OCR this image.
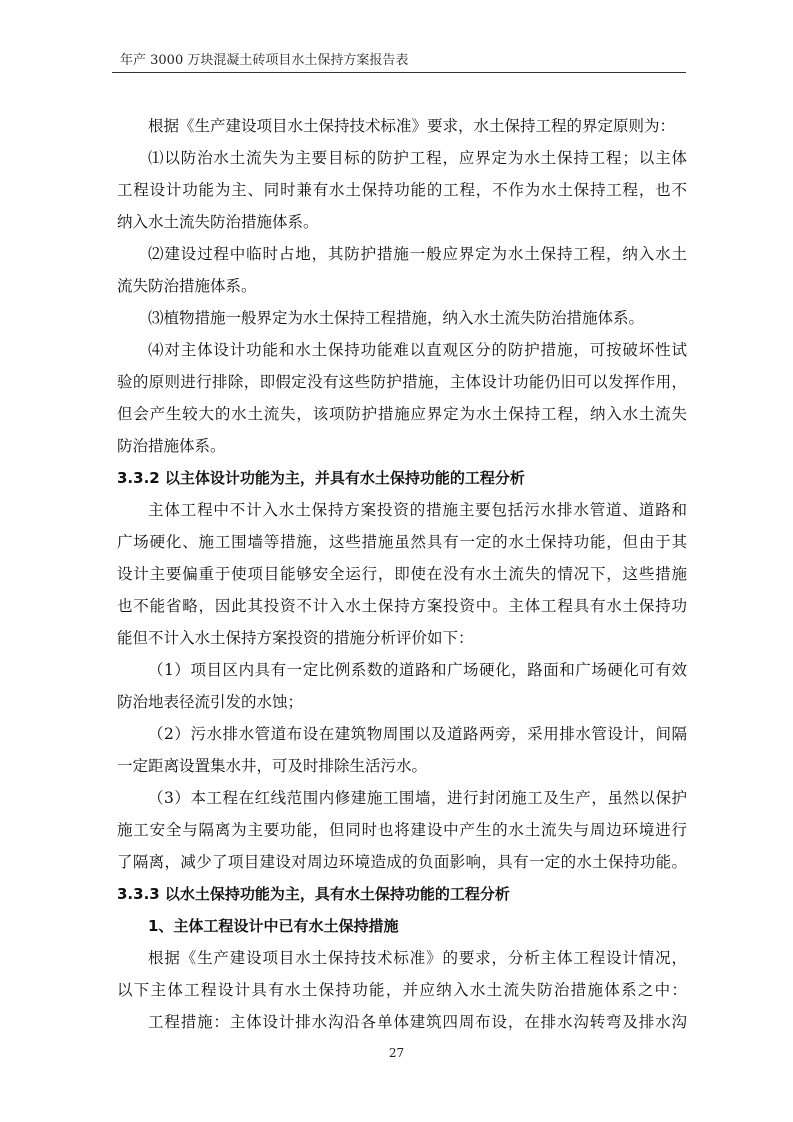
年产 3000 万块混凝土砖项目水土保持方案报告表
根据《生产建设项目水土保持技术标准》要求，水土保持工程的界定原则为：
⑴以防治水土流失为主要目标的防护工程，应界定为水土保持工程；以主体
工程设计功能为主、同时兼有水土保持功能的工程，不作为水土保持工程，也不
纳入水土流失防治措施体系。
⑵建设过程中临时占地，其防护措施一般应界定为水土保持工程，纳入水土
流失防治措施体系。
⑶植物措施一般界定为水土保持工程措施，纳入水土流失防治措施体系。
⑷对主体设计功能和水土保持功能难以直观区分的防护措施，可按破坏性试
验的原则进行排除，即假定没有这些防护措施，主体设计功能仍旧可以发挥作用，
但会产生较大的水土流失，该项防护措施应界定为水土保持工程，纳入水土流失
防治措施体系。
3.3.2 以主体设计功能为主，并具有水土保持功能的工程分析
主体工程中不计入水土保持方案投资的措施主要包括污水排水管道、道路和
广场硬化、施工围墙等措施，这些措施虽然具有一定的水土保持功能，但由于其
设计主要偏重于使项目能够安全运行，即使在没有水土流失的情况下，这些措施
也不能省略，因此其投资不计入水土保持方案投资中。主体工程具有水土保持功
能但不计入水土保持方案投资的措施分析评价如下：
（1）项目区内具有一定比例系数的道路和广场硬化，路面和广场硬化可有效
防治地表径流引发的水蚀；
（2）污水排水管道布设在建筑物周围以及道路两旁，采用排水管设计，间隔
一定距离设置集水井，可及时排除生活污水。
（3）本工程在红线范围内修建施工围墙，进行封闭施工及生产，虽然以保护
施工安全与隔离为主要功能，但同时也将建设中产生的水土流失与周边环境进行
了隔离，减少了项目建设对周边环境造成的负面影响，具有一定的水土保持功能。
3.3.3 以水土保持功能为主，具有水土保持功能的工程分析
1、主体工程设计中已有水土保持措施
根据《生产建设项目水土保持技术标准》的要求，分析主体工程设计情况，
以下主体工程设计具有水土保持功能，并应纳入水土流失防治措施体系之中：
工程措施：主体设计排水沟沿各单体建筑四周布设，在排水沟转弯及排水沟
27
